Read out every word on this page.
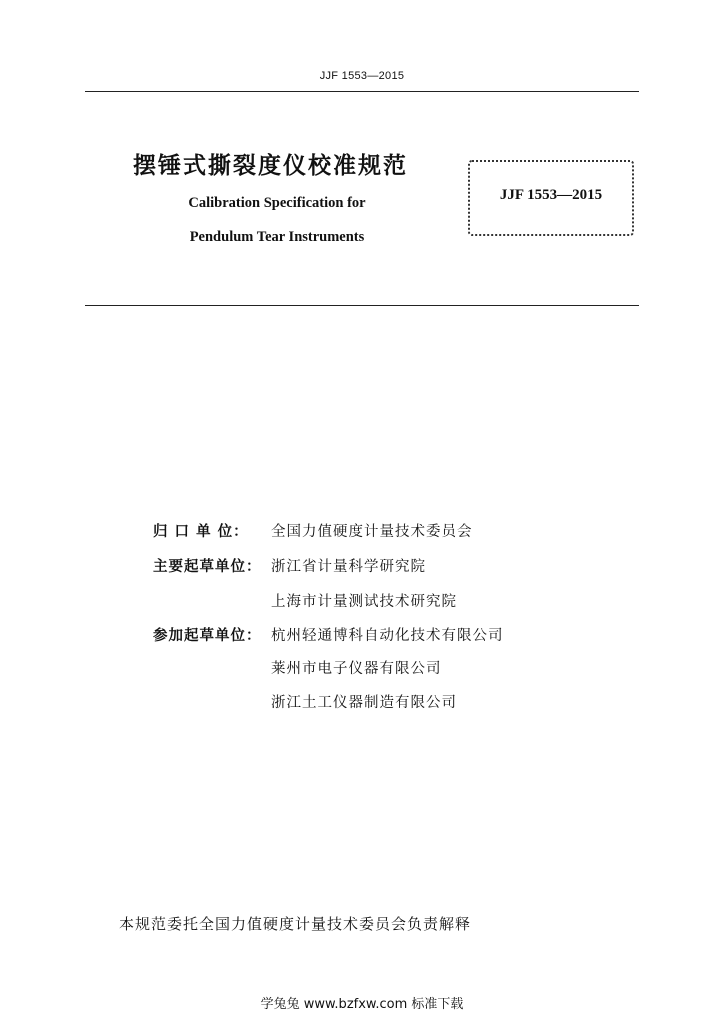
JJF 1553—2015
摆锤式撕裂度仪校准规范
Calibration Specification for
Pendulum Tear Instruments
JJF 1553—2015
归 口 单 位： 全国力值硬度计量技术委员会
主要起草单位： 浙江省计量科学研究院
上海市计量测试技术研究院
参加起草单位： 杭州轻通博科自动化技术有限公司
莱州市电子仪器有限公司
浙江土工仪器制造有限公司
本规范委托全国力值硬度计量技术委员会负责解释
学兔兔 www.bzfxw.com 标准下载
